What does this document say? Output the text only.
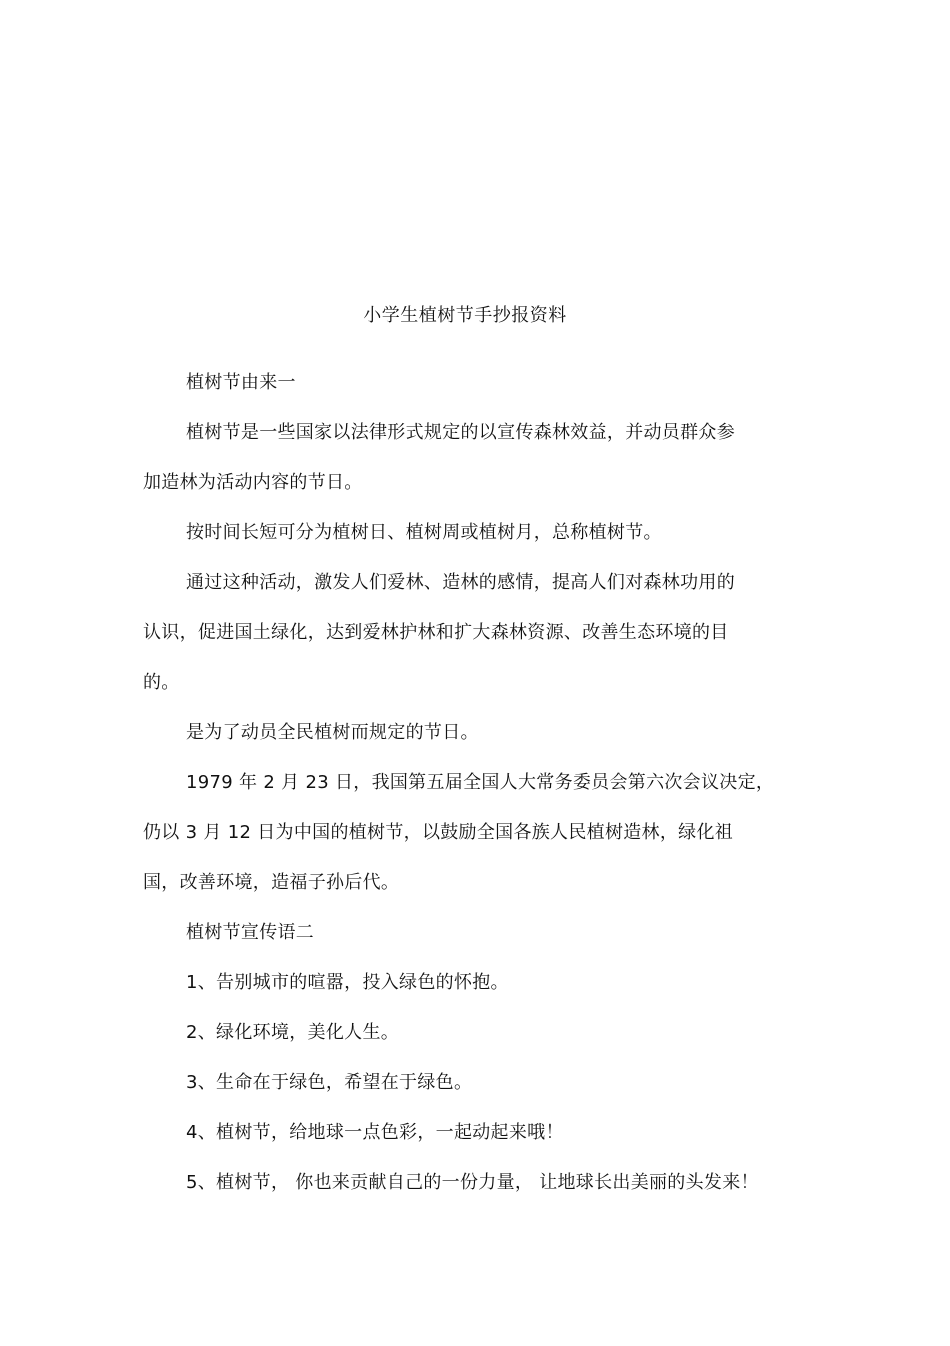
小学生植树节手抄报资料
植树节由来一
植树节是一些国家以法律形式规定的以宣传森林效益，并动员群众参
加造林为活动内容的节日。
按时间长短可分为植树日、植树周或植树月，总称植树节。
通过这种活动，激发人们爱林、造林的感情，提高人们对森林功用的
认识，促进国土绿化，达到爱林护林和扩大森林资源、改善生态环境的目
的。
是为了动员全民植树而规定的节日。
1979 年 2 月 23 日，我国第五届全国人大常务委员会第六次会议决定，
仍以 3 月 12 日为中国的植树节，以鼓励全国各族人民植树造林，绿化祖
国，改善环境，造福子孙后代。
植树节宣传语二
1、告别城市的喧嚣，投入绿色的怀抱。
2、绿化环境，美化人生。
3、生命在于绿色，希望在于绿色。
4、植树节，给地球一点色彩，一起动起来哦！
5、植树节， 你也来贡献自己的一份力量， 让地球长出美丽的头发来！
